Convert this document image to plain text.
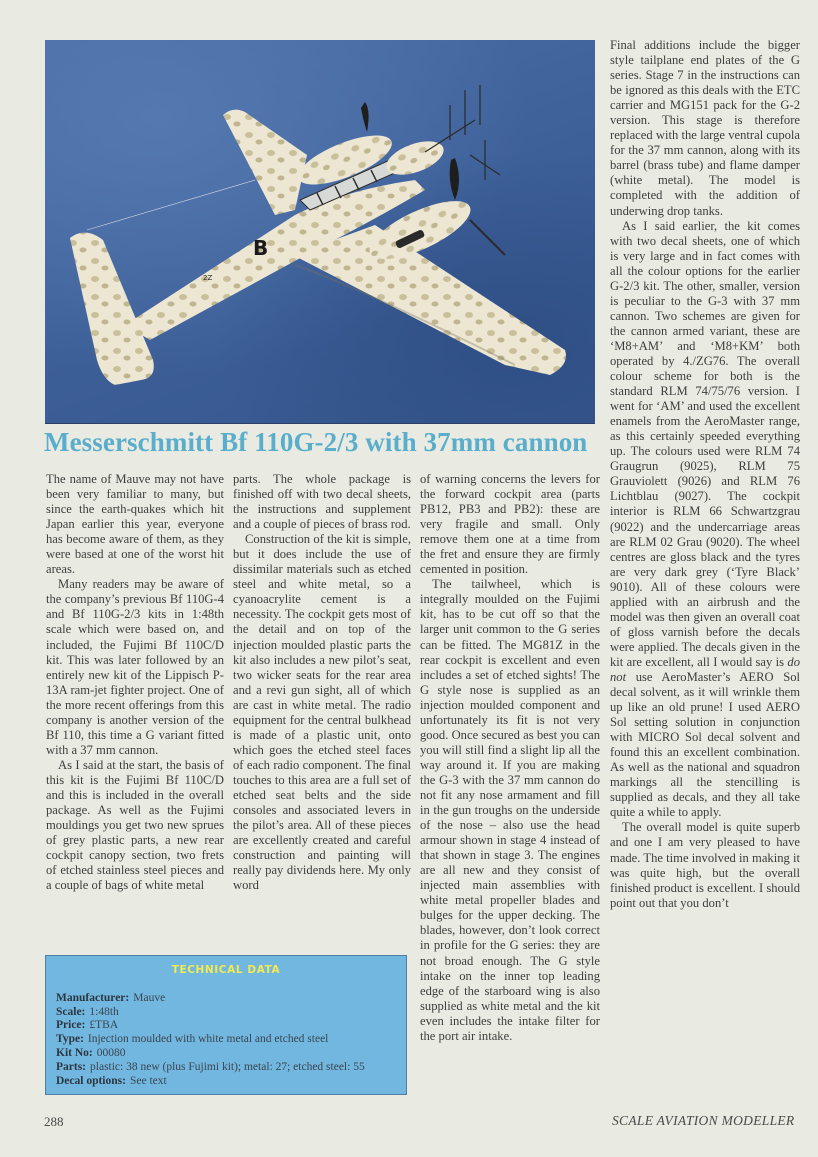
B
2Z
Messerschmitt Bf 110G-2/3 with 37mm cannon

The name of Mauve may not have been very familiar to many, but since the earth-quakes which hit Japan earlier this year, everyone has become aware of them, as they were based at one of the worst hit areas.

Many readers may be aware of the company’s previous Bf 110G-4 and Bf 110G-2/3 kits in 1:48th scale which were based on, and included, the Fujimi Bf 110C/D kit. This was later followed by an entirely new kit of the Lippisch P-13A ram-jet fighter project. One of the more recent offerings from this company is another version of the Bf 110, this time a G variant fitted with a 37 mm cannon.

As I said at the start, the basis of this kit is the Fujimi Bf 110C/D and this is included in the overall package. As well as the Fujimi mouldings you get two new sprues of grey plastic parts, a new rear cockpit canopy section, two frets of etched stainless steel pieces and a couple of bags of white metal

parts. The whole package is finished off with two decal sheets, the instructions and supplement and a couple of pieces of brass rod.

Construction of the kit is simple, but it does include the use of dissimilar materials such as etched steel and white metal, so a cyanoacrylite cement is a necessity. The cockpit gets most of the detail and on top of the injection moulded plastic parts the kit also includes a new pilot’s seat, two wicker seats for the rear area and a revi gun sight, all of which are cast in white metal. The radio equipment for the central bulkhead is made of a plastic unit, onto which goes the etched steel faces of each radio component. The final touches to this area are a full set of etched seat belts and the side consoles and associated levers in the pilot’s area. All of these pieces are excellently created and careful construction and painting will really pay dividends here. My only word

of warning concerns the levers for the forward cockpit area (parts PB12, PB3 and PB2): these are very fragile and small. Only remove them one at a time from the fret and ensure they are firmly cemented in position.

The tailwheel, which is integrally moulded on the Fujimi kit, has to be cut off so that the larger unit common to the G series can be fitted. The MG81Z in the rear cockpit is excellent and even includes a set of etched sights! The G style nose is supplied as an injection moulded component and unfortunately its fit is not very good. Once secured as best you can you will still find a slight lip all the way around it. If you are making the G-3 with the 37 mm cannon do not fit any nose armament and fill in the gun troughs on the underside of the nose – also use the head armour shown in stage 4 instead of that shown in stage 3. The engines are all new and they consist of injected main assemblies with white metal propeller blades and bulges for the upper decking. The blades, however, don’t look correct in profile for the G series: they are not broad enough. The G style intake on the inner top leading edge of the starboard wing is also supplied as white metal and the kit even includes the intake filter for the port air intake.

Final additions include the bigger style tailplane end plates of the G series. Stage 7 in the instructions can be ignored as this deals with the ETC carrier and MG151 pack for the G-2 version. This stage is therefore replaced with the large ventral cupola for the 37 mm cannon, along with its barrel (brass tube) and flame damper (white metal). The model is completed with the addition of underwing drop tanks.

As I said earlier, the kit comes with two decal sheets, one of which is very large and in fact comes with all the colour options for the earlier G-2/3 kit. The other, smaller, version is peculiar to the G-3 with 37 mm cannon. Two schemes are given for the cannon armed variant, these are ‘M8+AM’ and ‘M8+KM’ both operated by 4./ZG76. The overall colour scheme for both is the standard RLM 74/75/76 version. I went for ‘AM’ and used the excellent enamels from the AeroMaster range, as this certainly speeded everything up. The colours used were RLM 74 Graugrun (9025), RLM 75 Grauviolett (9026) and RLM 76 Lichtblau (9027). The cockpit interior is RLM 66 Schwartzgrau (9022) and the undercarriage areas are RLM 02 Grau (9020). The wheel centres are gloss black and the tyres are very dark grey (‘Tyre Black’ 9010). All of these colours were applied with an airbrush and the model was then given an overall coat of gloss varnish before the decals were applied. The decals given in the kit are excellent, all I would say is do not use AeroMaster’s AERO Sol decal solvent, as it will wrinkle them up like an old prune! I used AERO Sol setting solution in conjunction with MICRO Sol decal solvent and found this an excellent combination. As well as the national and squadron markings all the stencilling is supplied as decals, and they all take quite a while to apply.

The overall model is quite superb and one I am very pleased to have made. The time involved in making it was quite high, but the overall finished product is excellent. I should point out that you don’t

TECHNICAL DATA
Manufacturer: Mauve
Scale: 1:48th
Price: £TBA
Type: Injection moulded with white metal and etched steel
Kit No: 00080
Parts: plastic: 38 new (plus Fujimi kit); metal: 27; etched steel: 55
Decal options: See text
288	SCALE AVIATION MODELLER
